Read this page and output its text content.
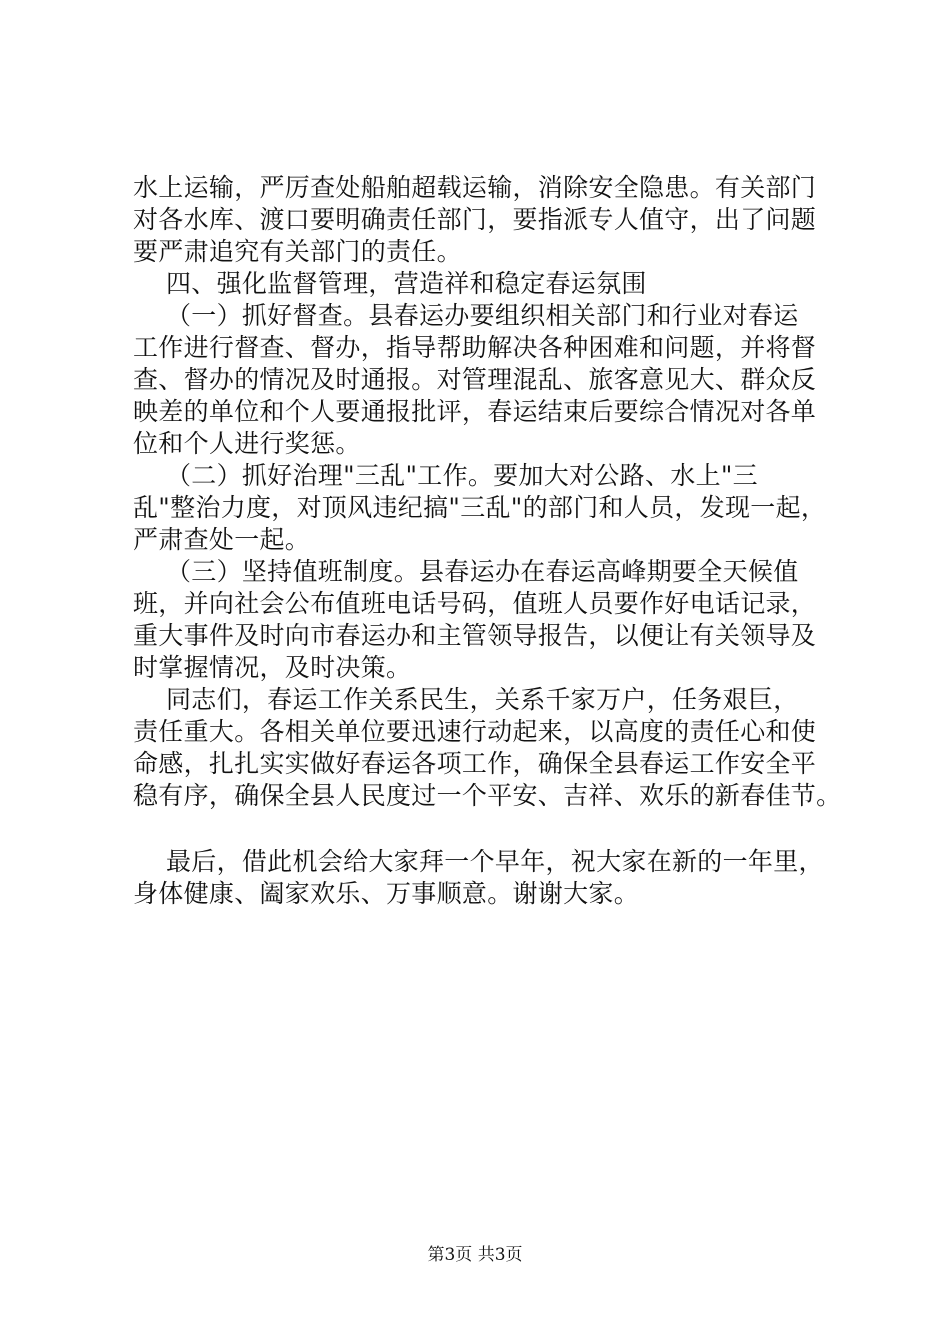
水上运输，严厉查处船舶超载运输，消除安全隐患。有关部门
对各水库、渡口要明确责任部门，要指派专人值守，出了问题
要严肃追究有关部门的责任。
四、强化监督管理，营造祥和稳定春运氛围
（一）抓好督查。县春运办要组织相关部门和行业对春运
工作进行督查、督办，指导帮助解决各种困难和问题，并将督
查、督办的情况及时通报。对管理混乱、旅客意见大、群众反
映差的单位和个人要通报批评，春运结束后要综合情况对各单
位和个人进行奖惩。
（二）抓好治理"三乱"工作。要加大对公路、水上"三
乱"整治力度，对顶风违纪搞"三乱"的部门和人员，发现一起，
严肃查处一起。
（三）坚持值班制度。县春运办在春运高峰期要全天候值
班，并向社会公布值班电话号码，值班人员要作好电话记录，
重大事件及时向市春运办和主管领导报告，以便让有关领导及
时掌握情况，及时决策。
同志们，春运工作关系民生，关系千家万户，任务艰巨，
责任重大。各相关单位要迅速行动起来，以高度的责任心和使
命感，扎扎实实做好春运各项工作，确保全县春运工作安全平
稳有序，确保全县人民度过一个平安、吉祥、欢乐的新春佳节。
最后，借此机会给大家拜一个早年，祝大家在新的一年里，
身体健康、阖家欢乐、万事顺意。谢谢大家。
第3页 共3页
